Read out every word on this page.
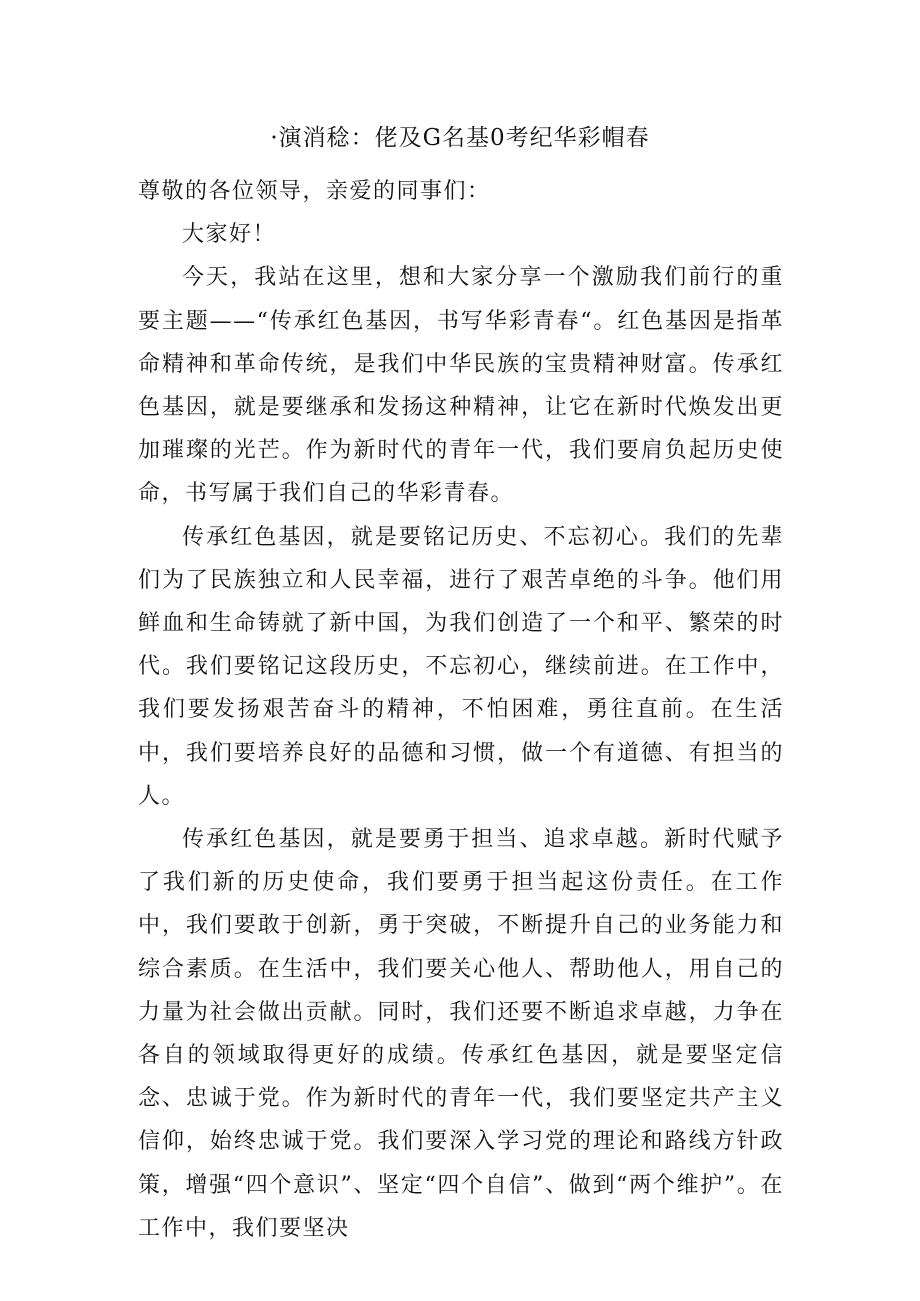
·演消稔：佬及G名基0考纪华彩帽春

尊敬的各位领导，亲爱的同事们：

大家好！

今天，我站在这里，想和大家分享一个激励我们前行的重要主题——“传承红色基因，书写华彩青春“。红色基因是指革命精神和革命传统，是我们中华民族的宝贵精神财富。传承红色基因，就是要继承和发扬这种精神，让它在新时代焕发出更加璀璨的光芒。作为新时代的青年一代，我们要肩负起历史使命，书写属于我们自己的华彩青春。

传承红色基因，就是要铭记历史、不忘初心。我们的先辈们为了民族独立和人民幸福，进行了艰苦卓绝的斗争。他们用鲜血和生命铸就了新中国，为我们创造了一个和平、繁荣的时代。我们要铭记这段历史，不忘初心，继续前进。在工作中，我们要发扬艰苦奋斗的精神，不怕困难，勇往直前。在生活中，我们要培养良好的品德和习惯，做一个有道德、有担当的人。

传承红色基因，就是要勇于担当、追求卓越。新时代赋予了我们新的历史使命，我们要勇于担当起这份责任。在工作中，我们要敢于创新，勇于突破，不断提升自己的业务能力和综合素质。在生活中，我们要关心他人、帮助他人，用自己的力量为社会做出贡献。同时，我们还要不断追求卓越，力争在各自的领域取得更好的成绩。传承红色基因，就是要坚定信念、忠诚于党。作为新时代的青年一代，我们要坚定共产主义信仰，始终忠诚于党。我们要深入学习党的理论和路线方针政策，增强“四个意识”、坚定“四个自信”、做到“两个维护”。在工作中，我们要坚决
